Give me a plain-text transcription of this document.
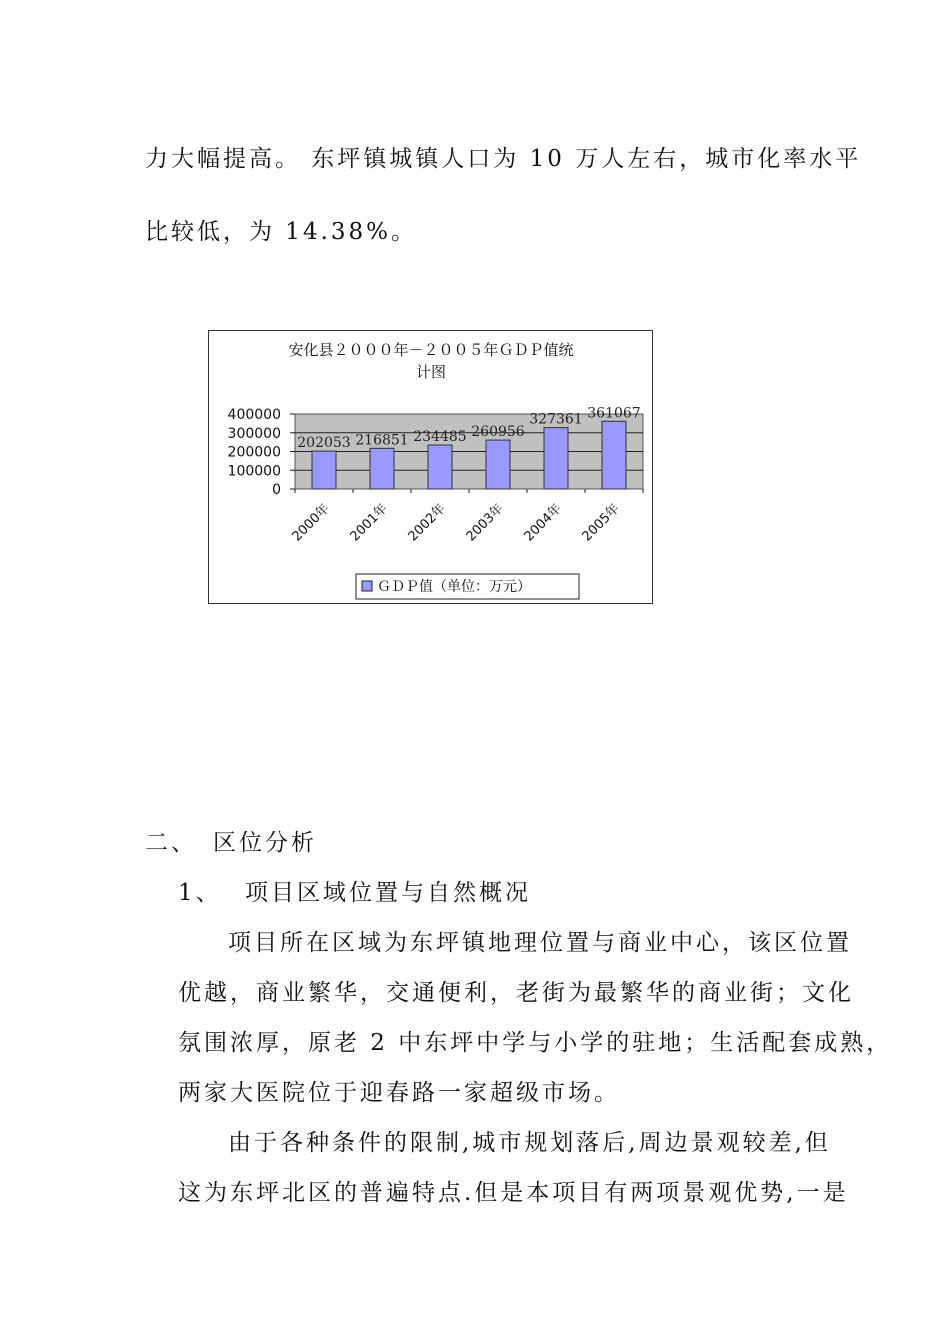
力大幅提高。 东坪镇城镇人口为 10 万人左右，城市化率水平
比较低，为 14.38%。
安化县２０００年－２００５年ＧＤＰ值统
计图
400000
300000
200000
100000
0
202053
2000年
216851
2001年
234485
2002年
260956
2003年
327361
2004年
361067
2005年
ＧＤＰ值（单位：万元）
二、 区位分析
1、 项目区域位置与自然概况
项目所在区域为东坪镇地理位置与商业中心，该区位置
优越，商业繁华，交通便利，老街为最繁华的商业街；文化
氛围浓厚，原老 2 中东坪中学与小学的驻地；生活配套成熟，
两家大医院位于迎春路一家超级市场。
由于各种条件的限制,城市规划落后,周边景观较差,但
这为东坪北区的普遍特点.但是本项目有两项景观优势,一是
